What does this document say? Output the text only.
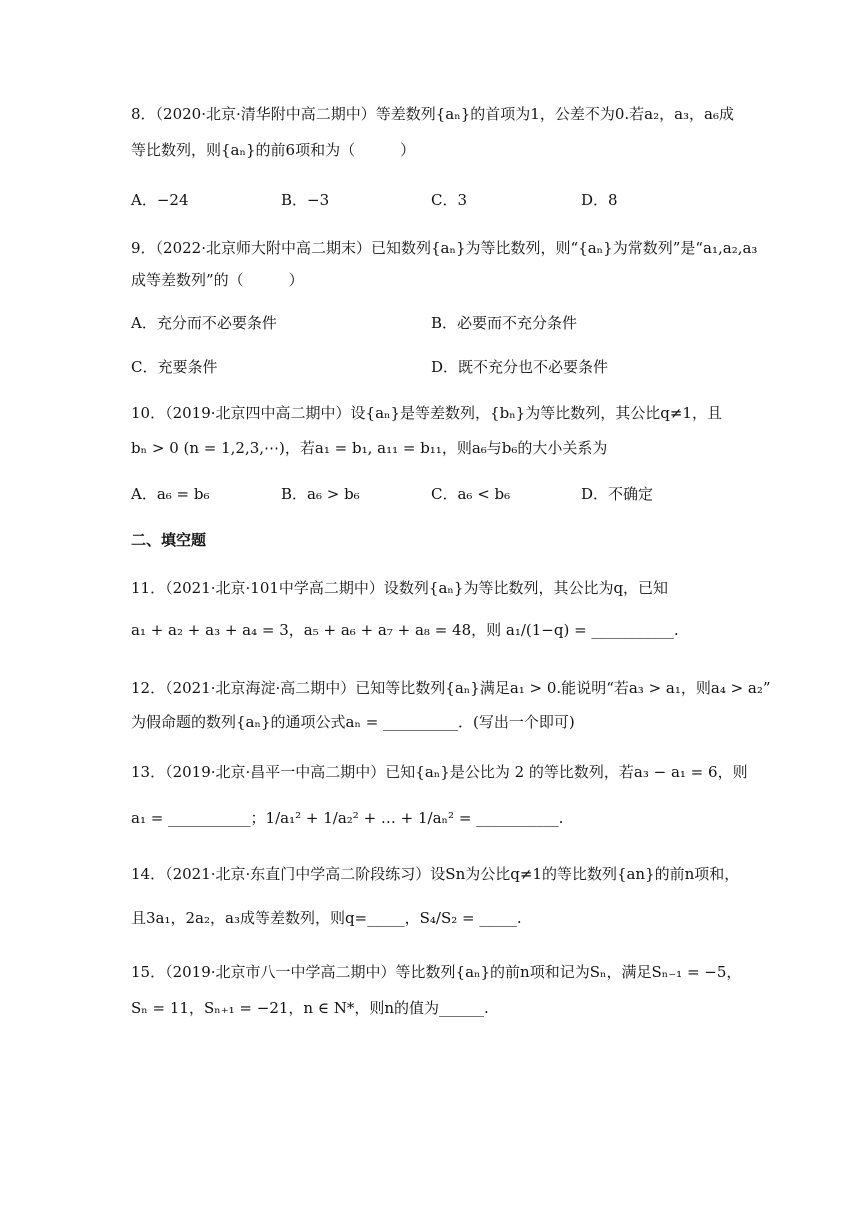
8．（2020·北京·清华附中高二期中）等差数列{aₙ}的首项为1，公差不为0.若a₂，a₃，a₆成
等比数列，则{aₙ}的前6项和为（　　　）
A．−24	B．−3	C．3	D．8
9．（2022·北京师大附中高二期末）已知数列{aₙ}为等比数列，则“{aₙ}为常数列”是“a₁,a₂,a₃
成等差数列”的（　　　）
A．充分而不必要条件	B．必要而不充分条件
C．充要条件	D．既不充分也不必要条件
10．（2019·北京四中高二期中）设{aₙ}是等差数列，{bₙ}为等比数列，其公比q≠1，且
bₙ > 0 (n = 1,2,3,⋯)，若a₁ = b₁, a₁₁ = b₁₁，则a₆与b₆的大小关系为
A．a₆ = b₆	B．a₆ > b₆	C．a₆ < b₆	D．不确定
二、填空题
11．（2021·北京·101中学高二期中）设数列{aₙ}为等比数列，其公比为q，已知
a₁ + a₂ + a₃ + a₄ = 3，a₅ + a₆ + a₇ + a₈ = 48，则 a₁/(1−q) = ___________.
12．（2021·北京海淀·高二期中）已知等比数列{aₙ}满足a₁ > 0.能说明“若a₃ > a₁，则a₄ > a₂”
为假命题的数列{aₙ}的通项公式aₙ = __________．(写出一个即可)
13．（2019·北京·昌平一中高二期中）已知{aₙ}是公比为 2 的等比数列，若a₃ − a₁ = 6，则
a₁ = ___________；1/a₁² + 1/a₂² + … + 1/aₙ² = ___________.
14．（2021·北京·东直门中学高二阶段练习）设Sn为公比q≠1的等比数列{an}的前n项和，
且3a₁，2a₂，a₃成等差数列，则q=_____，S₄/S₂ = _____.
15．（2019·北京市八一中学高二期中）等比数列{aₙ}的前n项和记为Sₙ，满足Sₙ₋₁ = −5，
Sₙ = 11，Sₙ₊₁ = −21，n ∈ N*，则n的值为______.
